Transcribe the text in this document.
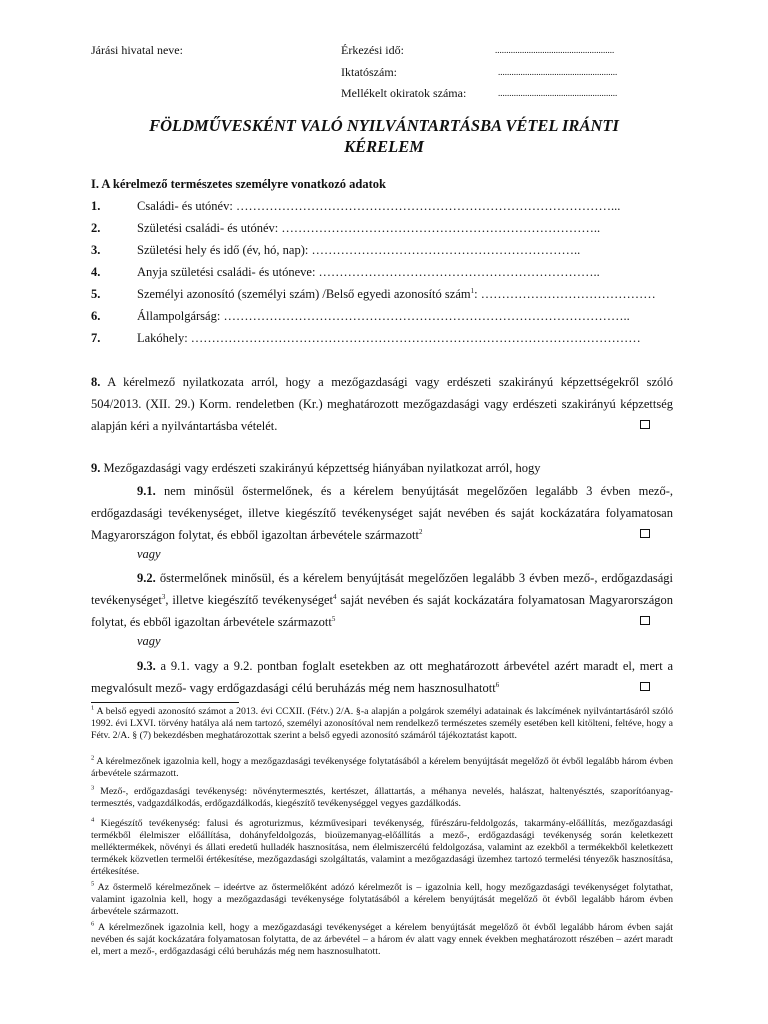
Járási hivatal neve:	Érkezési idő:	.....................................................
Iktatószám:	.....................................................
Mellékelt okiratok száma:	.....................................................
FÖLDMŰVESKÉNT VALÓ NYILVÁNTARTÁSBA VÉTEL IRÁNTI
KÉRELEM
I. A kérelmező természetes személyre vonatkozó adatok
1.	Családi- és utónév: ………………………………………………………………………………...
2.	Születési családi- és utónév: …………………………………………………………………..
3.	Születési hely és idő (év, hó, nap): ………………………………………………………..
4.	Anyja születési családi- és utóneve: …………………………………………………………..
5.	Személyi azonosító (személyi szám) /Belső egyedi azonosító szám$^1$: ……………………………………
6.	Állampolgárság: ……………………………………………………………………………………..
7.	Lakóhely: ………………………………………………………………………………………………
8. A kérelmező nyilatkozata arról, hogy a mezőgazdasági vagy erdészeti szakirányú képzettségekről szóló 504/2013. (XII. 29.) Korm. rendeletben (Kr.) meghatározott mezőgazdasági vagy erdészeti szakirányú képzettség alapján kéri a nyilvántartásba vételét.
9. Mezőgazdasági vagy erdészeti szakirányú képzettség hiányában nyilatkozat arról, hogy
9.1. nem minősül őstermelőnek, és a kérelem benyújtását megelőzően legalább 3 évben mező-, erdőgazdasági tevékenységet, illetve kiegészítő tevékenységet saját nevében és saját kockázatára folyamatosan Magyarországon folytat, és ebből igazoltan árbevétele származott$^2$
vagy
9.2. őstermelőnek minősül, és a kérelem benyújtását megelőzően legalább 3 évben mező-, erdőgazdasági tevékenységet$^3$, illetve kiegészítő tevékenységet$^4$ saját nevében és saját kockázatára folyamatosan Magyarországon folytat, és ebből igazoltan árbevétele származott$^5$
vagy
9.3. a 9.1. vagy a 9.2. pontban foglalt esetekben az ott meghatározott árbevétel azért maradt el, mert a megvalósult mező- vagy erdőgazdasági célú beruházás még nem hasznosulhatott$^6$
$^1$ A belső egyedi azonosító számot a 2013. évi CCXII. (Fétv.) 2/A. §-a alapján a polgárok személyi adatainak és lakcímének nyilvántartásáról szóló 1992. évi LXVI. törvény hatálya alá nem tartozó, személyi azonosítóval nem rendelkező természetes személy esetében kell kitölteni, feltéve, hogy a Fétv. 2/A. § (7) bekezdésben meghatározottak szerint a belső egyedi azonosító számáról tájékoztatást kapott.
$^2$ A kérelmezőnek igazolnia kell, hogy a mezőgazdasági tevékenysége folytatásából a kérelem benyújtását megelőző öt évből legalább három évben árbevétele származott.
$^3$ Mező-, erdőgazdasági tevékenység: növénytermesztés, kertészet, állattartás, a méhanya nevelés, halászat, haltenyésztés, szaporítóanyag-termesztés, vadgazdálkodás, erdőgazdálkodás, kiegészítő tevékenységgel vegyes gazdálkodás.
$^4$ Kiegészítő tevékenység: falusi és agroturizmus, kézművesipari tevékenység, fűrészáru-feldolgozás, takarmány-előállítás, mezőgazdasági termékből élelmiszer előállítása, dohányfeldolgozás, bioüzemanyag-előállítás a mező-, erdőgazdasági tevékenység során keletkezett melléktermékek, növényi és állati eredetű hulladék hasznosítása, nem élelmiszercélú feldolgozása, valamint az ezekből a termékekből keletkezett termékek közvetlen termelői értékesítése, mezőgazdasági szolgáltatás, valamint a mezőgazdasági üzemhez tartozó termelési tényezők hasznosítása, értékesítése.
$^5$ Az őstermelő kérelmezőnek – ideértve az őstermelőként adózó kérelmezőt is – igazolnia kell, hogy mezőgazdasági tevékenységet folytathat, valamint igazolnia kell, hogy a mezőgazdasági tevékenysége folytatásából a kérelem benyújtását megelőző öt évből legalább három évben árbevétele származott.
$^6$ A kérelmezőnek igazolnia kell, hogy a mezőgazdasági tevékenységet a kérelem benyújtását megelőző öt évből legalább három évben saját nevében és saját kockázatára folyamatosan folytatta, de az árbevétel – a három év alatt vagy ennek években meghatározott részében – azért maradt el, mert a mező-, erdőgazdasági célú beruházás még nem hasznosulhatott.
